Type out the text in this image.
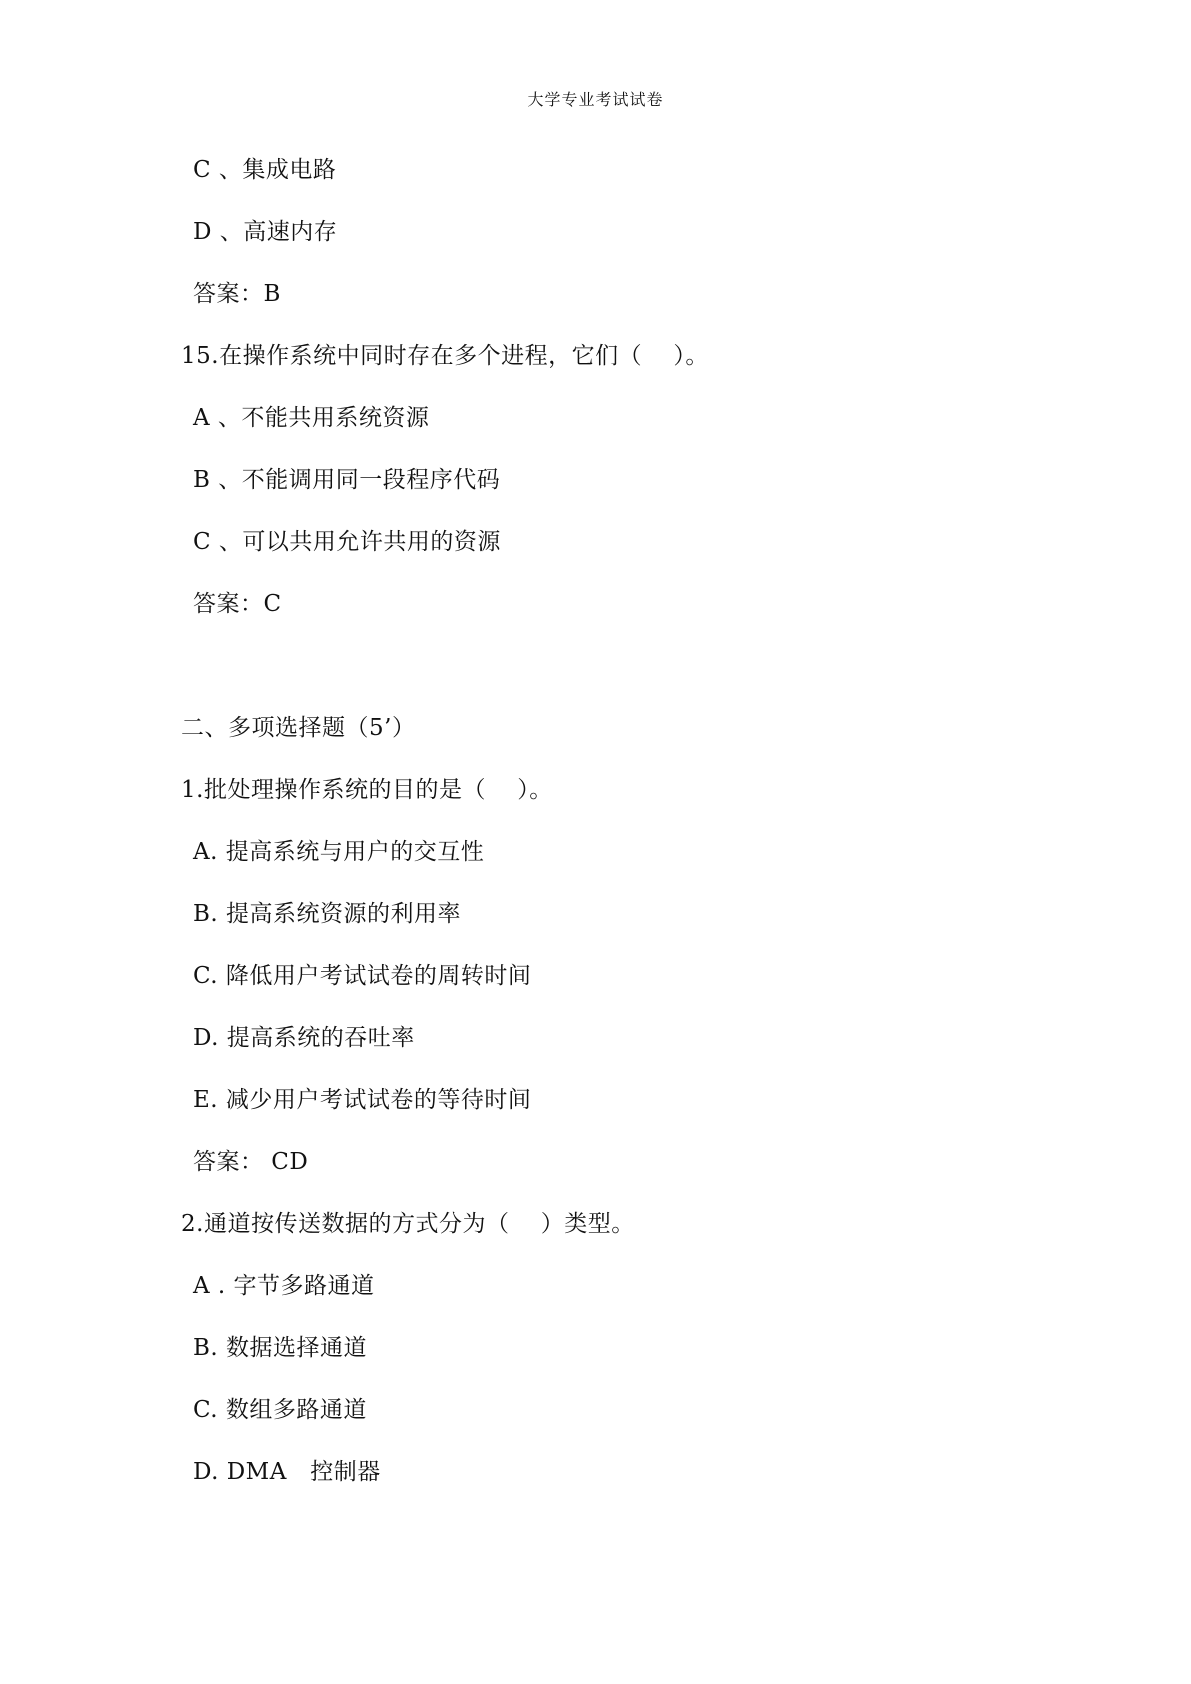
大学专业考试试卷
C 、集成电路
D 、高速内存
答案：B
15.在操作系统中同时存在多个进程，它们（    ）。
A 、不能共用系统资源
B 、不能调用同一段程序代码
C 、可以共用允许共用的资源
答案：C
二、多项选择题（5’）
1.批处理操作系统的目的是（    ）。
A. 提高系统与用户的交互性
B. 提高系统资源的利用率
C. 降低用户考试试卷的周转时间
D. 提高系统的吞吐率
E. 减少用户考试试卷的等待时间
答案： CD
2.通道按传送数据的方式分为（    ）类型。
A . 字节多路通道
B. 数据选择通道
C. 数组多路通道
D. DMA   控制器
